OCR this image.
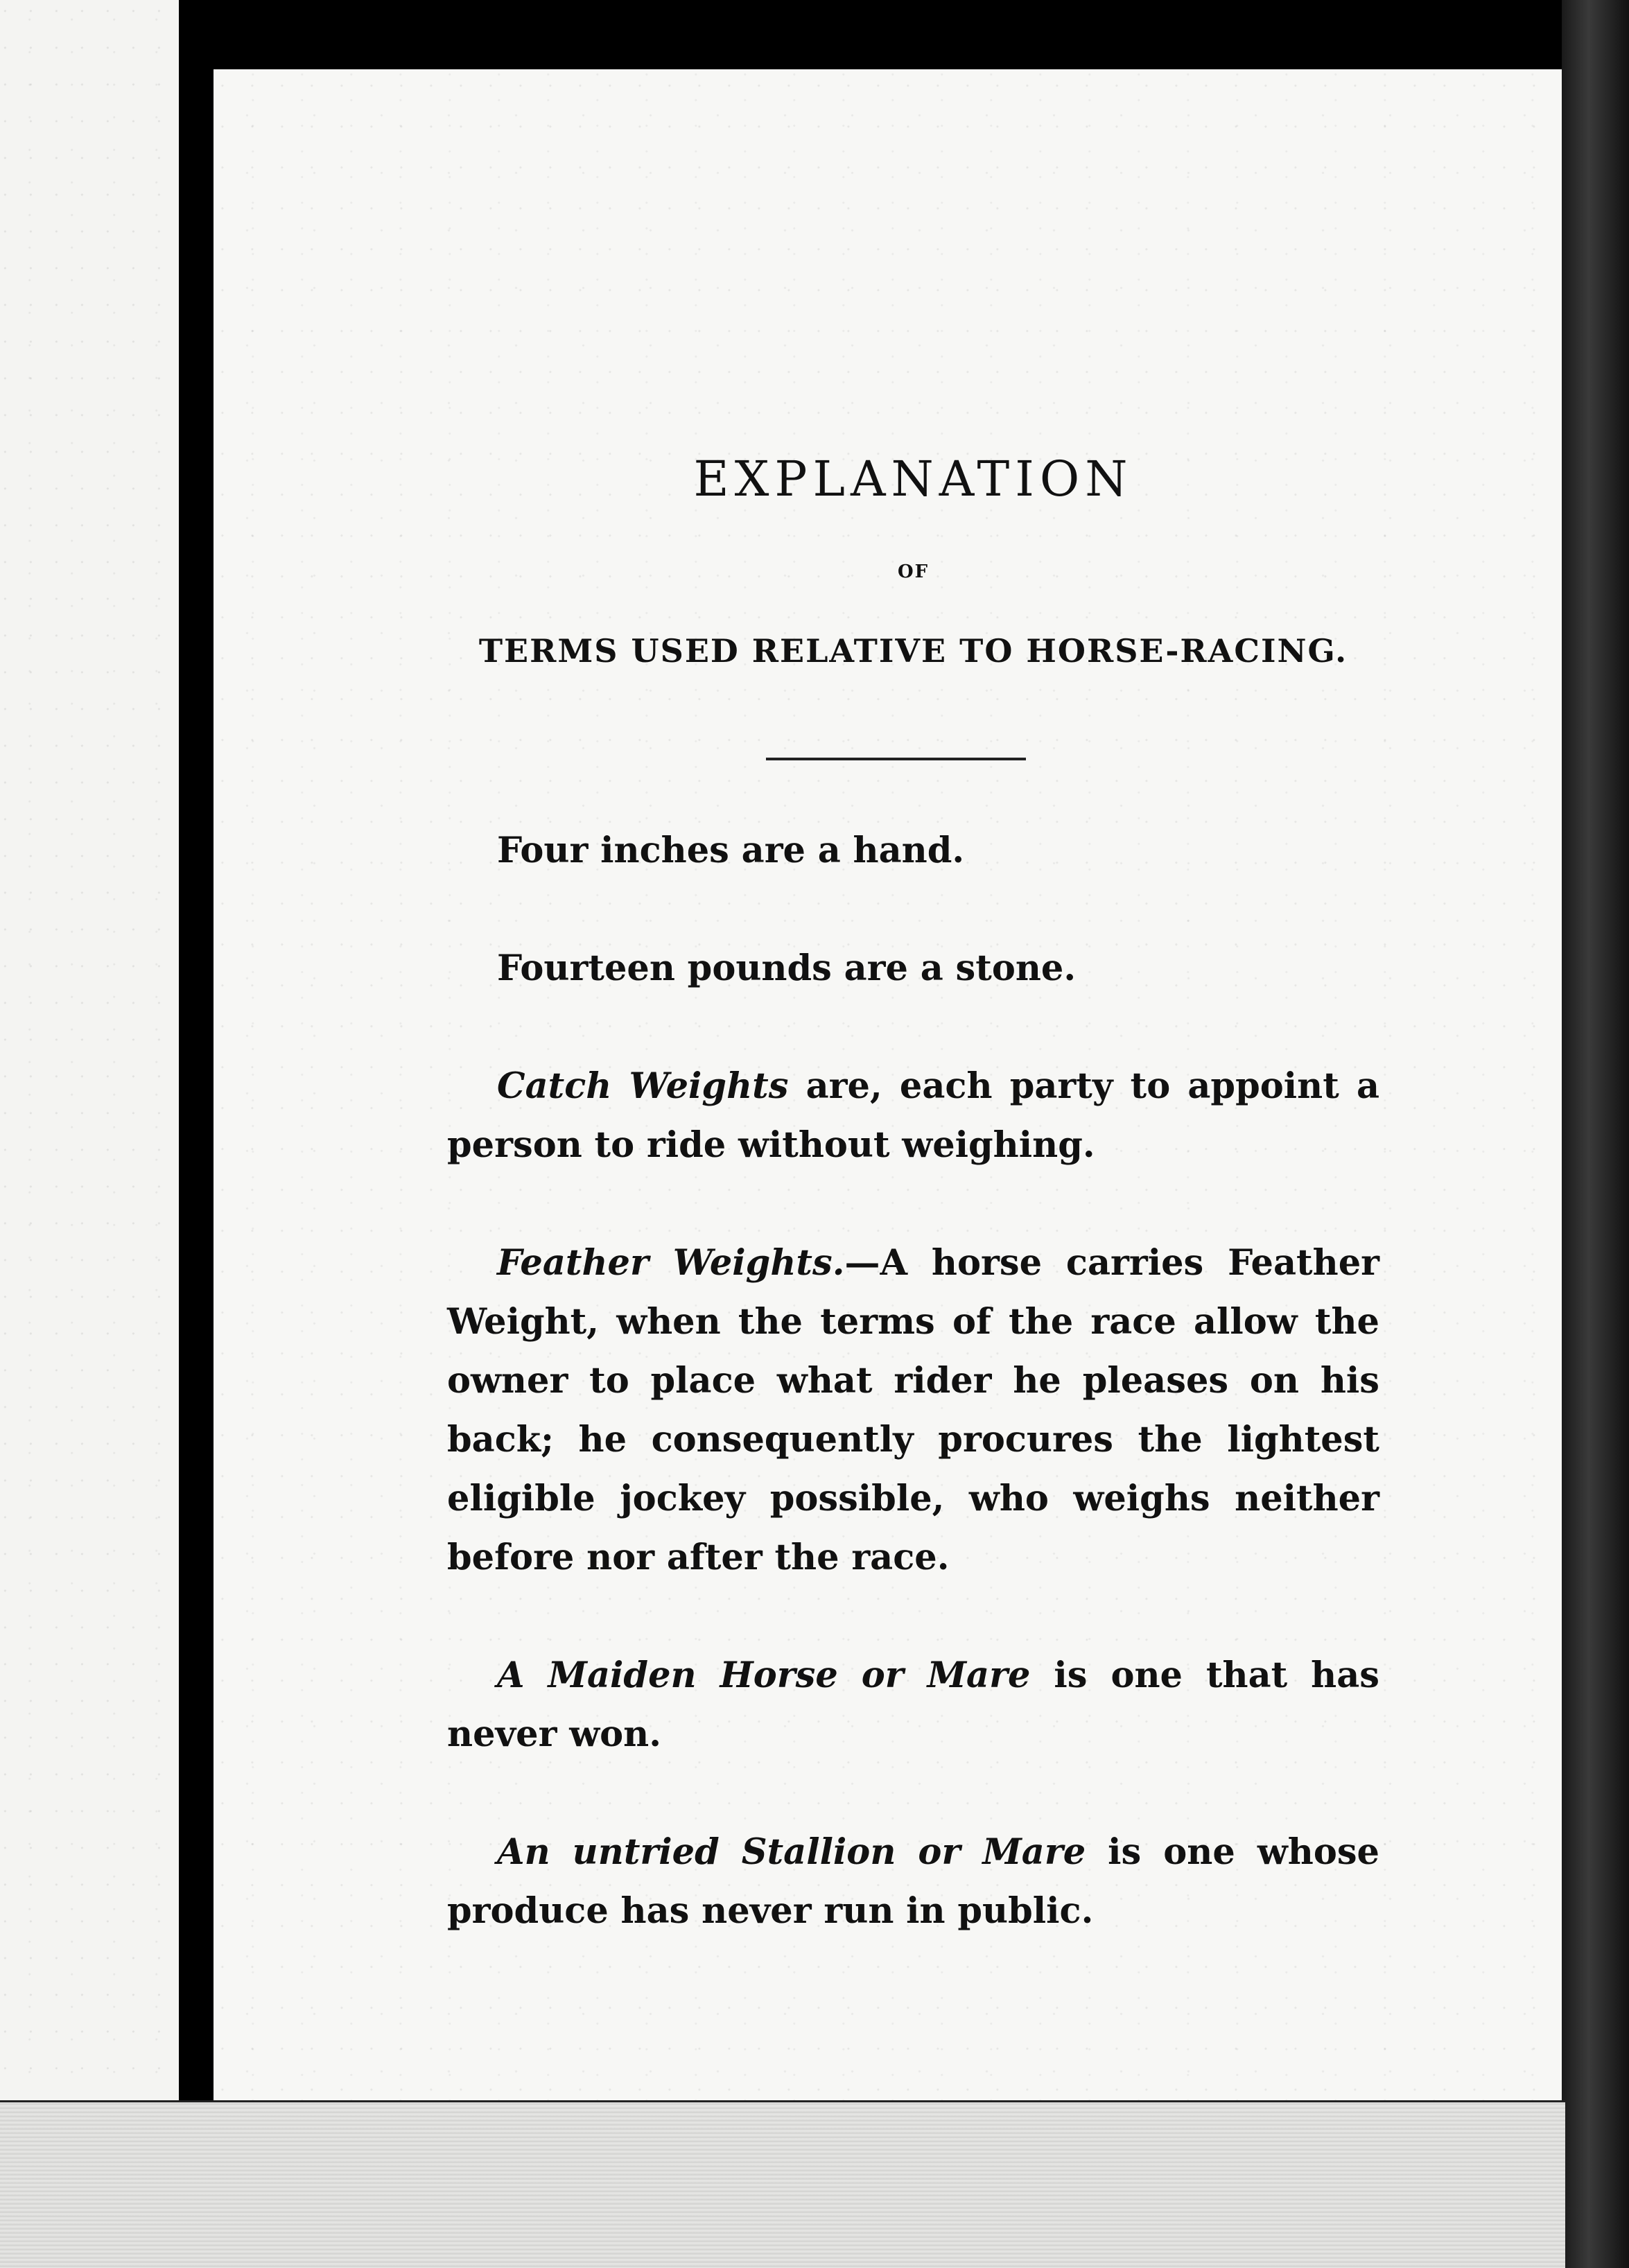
EXPLANATION
OF
TERMS USED RELATIVE TO HORSE-RACING.

Four inches are a hand.

Fourteen pounds are a stone.

Catch Weights are, each party to appoint a person to ride without weighing.

Feather Weights.—A horse carries Feather Weight, when the terms of the race allow the owner to place what rider he pleases on his back; he consequently procures the lightest eligible jockey possible, who weighs neither before nor after the race.

A Maiden Horse or Mare is one that has never won.

An untried Stallion or Mare is one whose produce has never run in public.
